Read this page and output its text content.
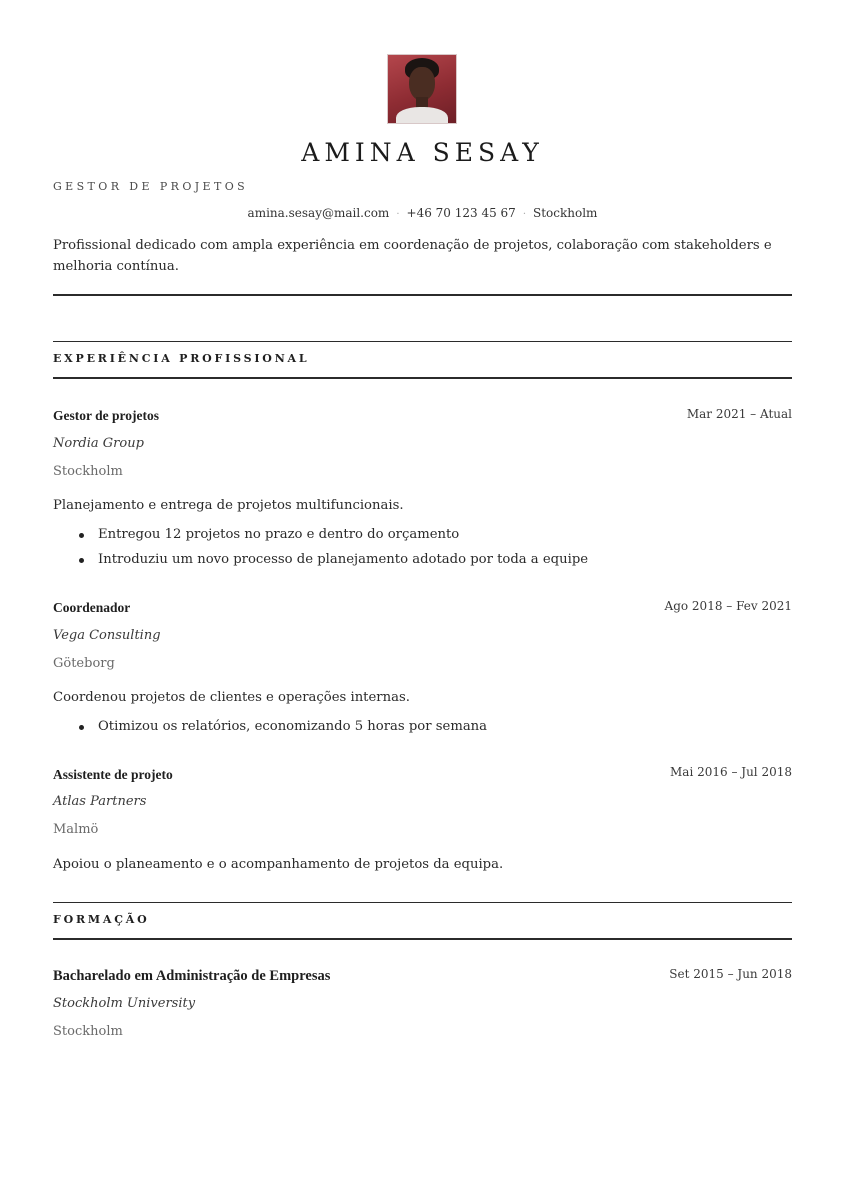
AMINA SESAY
GESTOR DE PROJETOS
amina.sesay@mail.com · +46 70 123 45 67 · Stockholm
Profissional dedicado com ampla experiência em coordenação de projetos, colaboração com stakeholders e melhoria contínua.
EXPERIÊNCIA PROFISSIONAL
Gestor de projetos	Mar 2021 – Atual
Nordia Group
Stockholm
Planejamento e entrega de projetos multifuncionais.
Entregou 12 projetos no prazo e dentro do orçamento
Introduziu um novo processo de planejamento adotado por toda a equipe
Coordenador	Ago 2018 – Fev 2021
Vega Consulting
Göteborg
Coordenou projetos de clientes e operações internas.
Otimizou os relatórios, economizando 5 horas por semana
Assistente de projeto	Mai 2016 – Jul 2018
Atlas Partners
Malmö
Apoiou o planeamento e o acompanhamento de projetos da equipa.
FORMAÇÃO
Bacharelado em Administração de Empresas	Set 2015 – Jun 2018
Stockholm University
Stockholm
